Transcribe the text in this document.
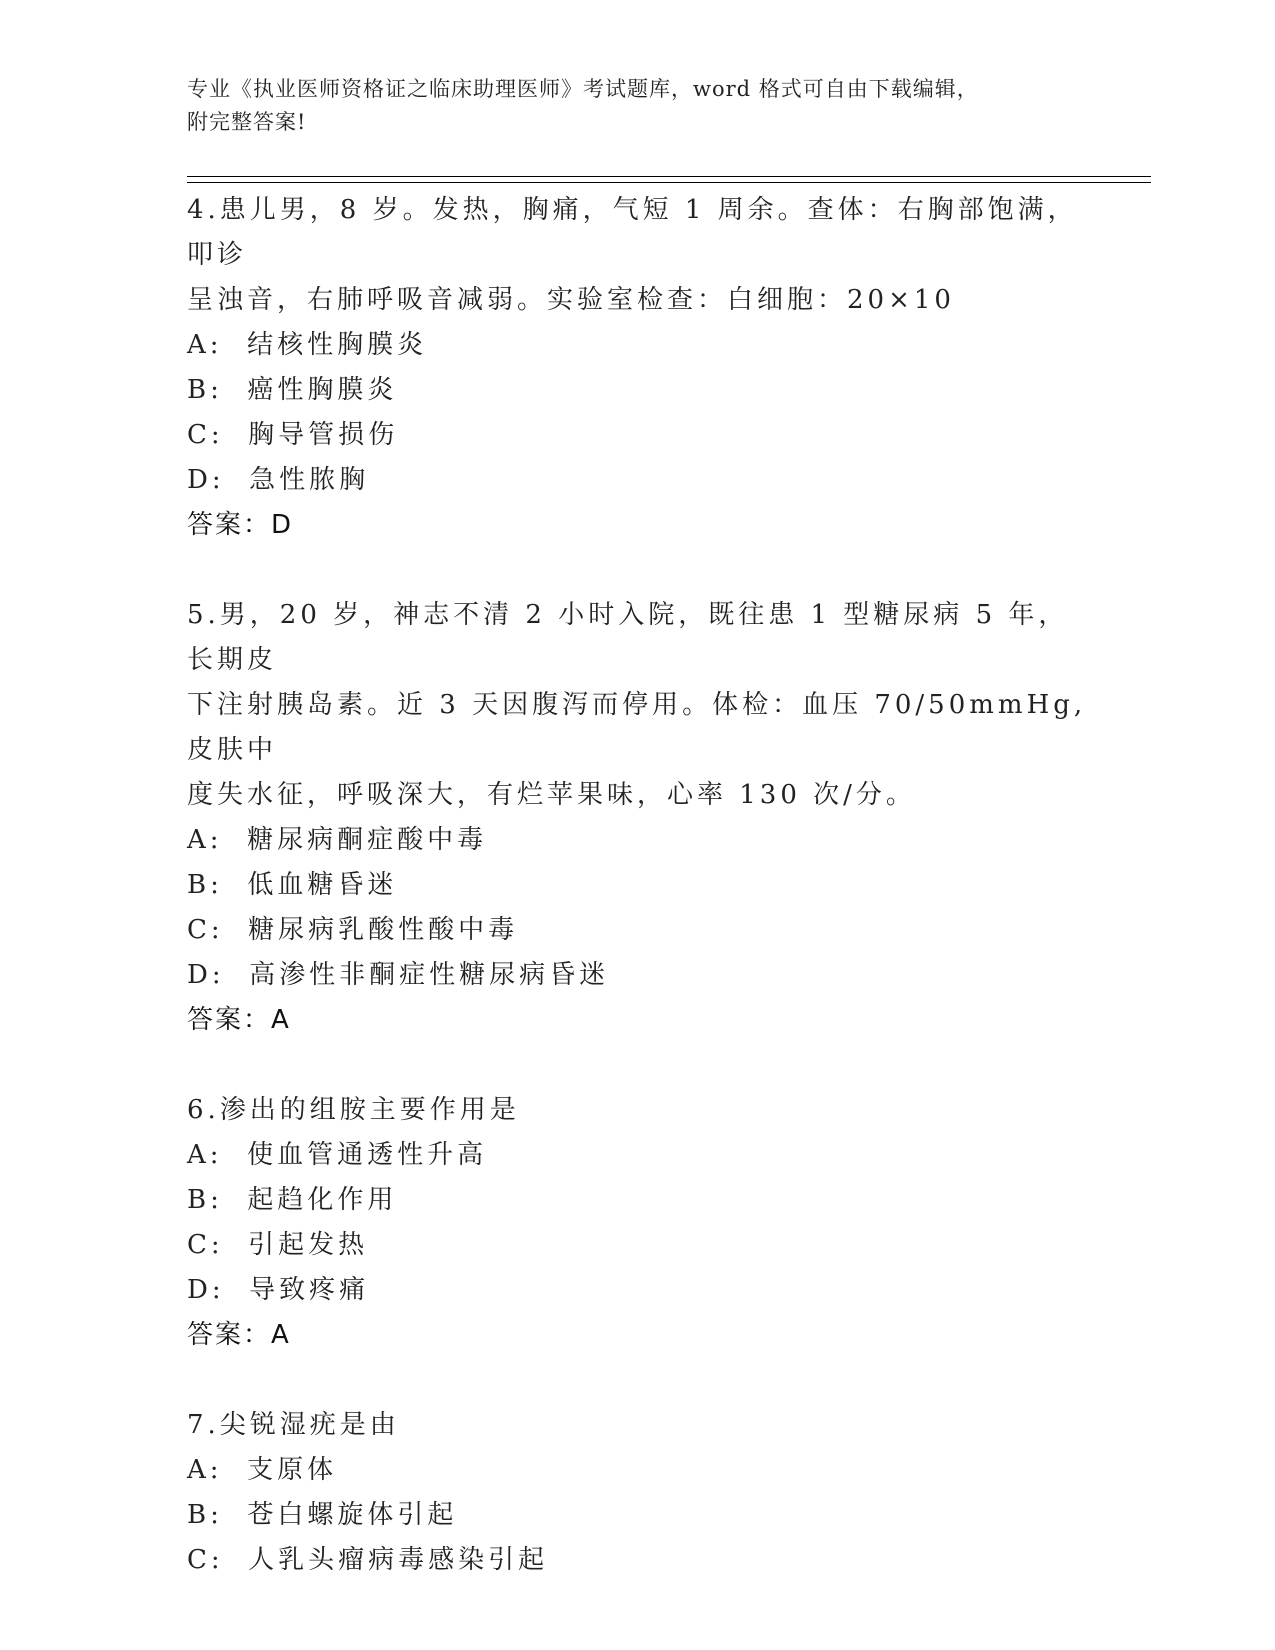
专业《执业医师资格证之临床助理医师》考试题库，word 格式可自由下载编辑，
附完整答案!
4.患儿男，8 岁。发热，胸痛，气短 1 周余。查体：右胸部饱满，叩诊
呈浊音，右肺呼吸音减弱。实验室检查：白细胞：20×10
A:  结核性胸膜炎
B:  癌性胸膜炎
C:  胸导管损伤
D:  急性脓胸
答案：D
5.男，20 岁，神志不清 2 小时入院，既往患 1 型糖尿病 5 年，长期皮
下注射胰岛素。近 3 天因腹泻而停用。体检：血压 70/50mmHg,皮肤中
度失水征，呼吸深大，有烂苹果味，心率 130 次/分。
A:  糖尿病酮症酸中毒
B:  低血糖昏迷
C:  糖尿病乳酸性酸中毒
D:  高渗性非酮症性糖尿病昏迷
答案：A
6.渗出的组胺主要作用是
A:  使血管通透性升高
B:  起趋化作用
C:  引起发热
D:  导致疼痛
答案：A
7.尖锐湿疣是由
A:  支原体
B:  苍白螺旋体引起
C:  人乳头瘤病毒感染引起
